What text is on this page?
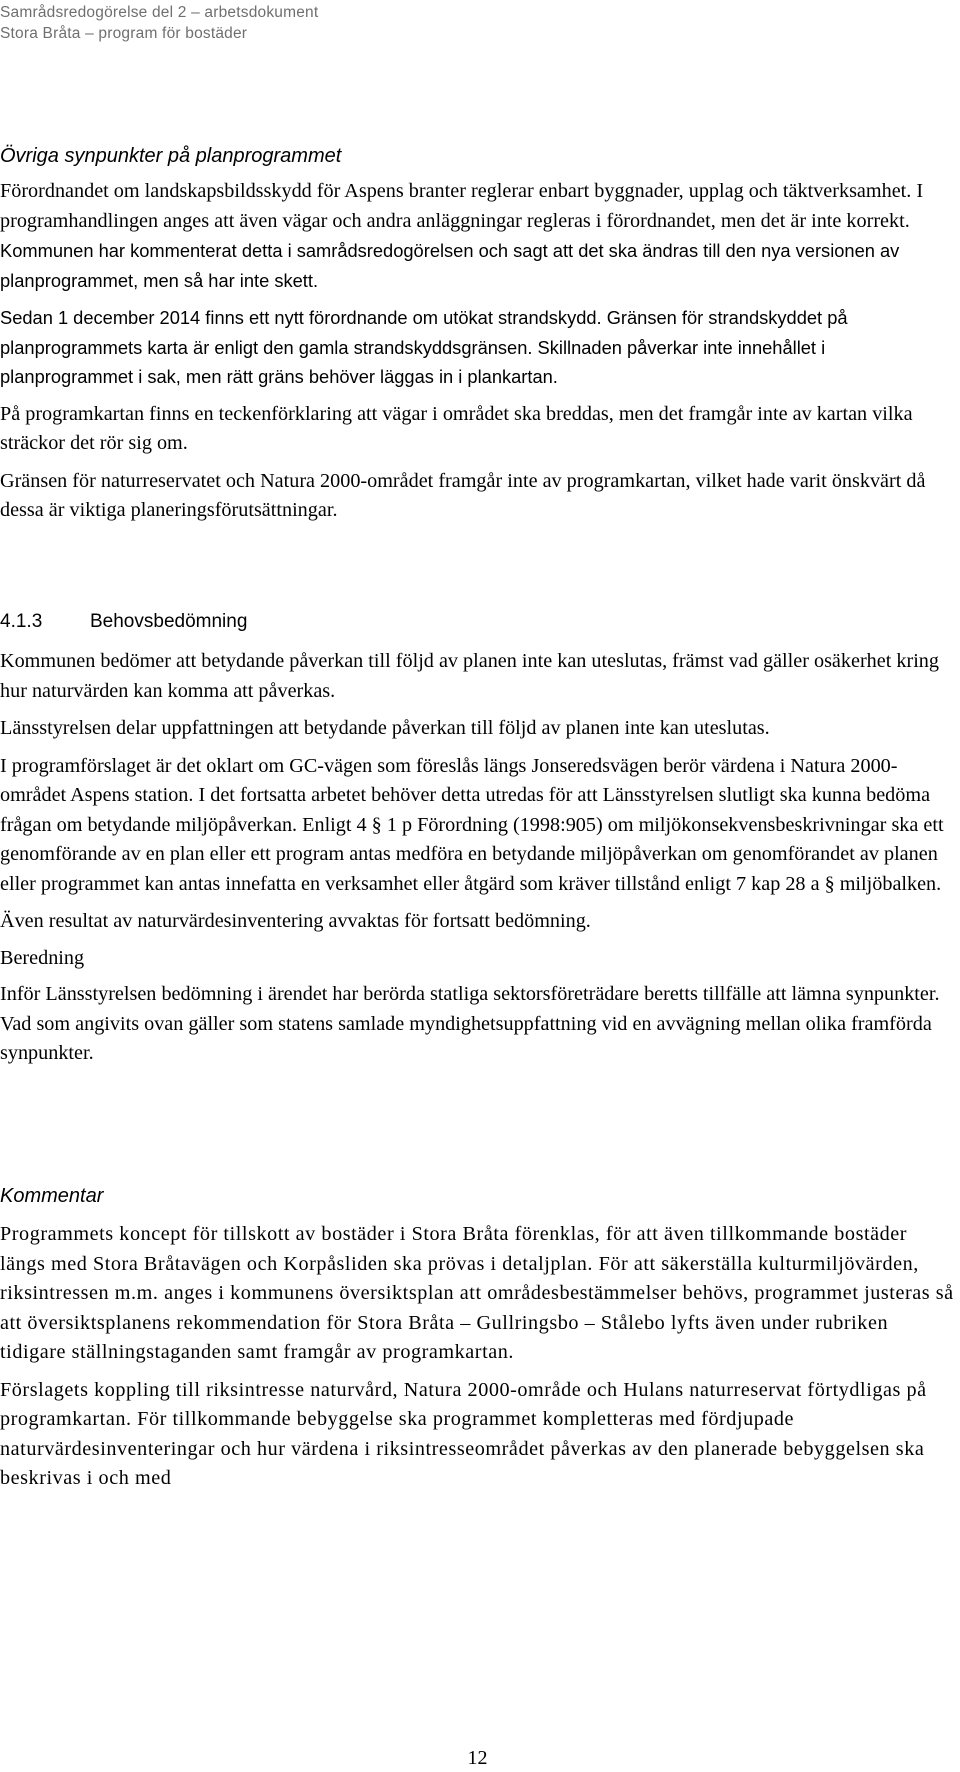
Samrådsredogörelse del 2 – arbetsdokument
Stora Bråta – program för bostäder
Övriga synpunkter på planprogrammet

Förordnandet om landskapsbildsskydd för Aspens branter reglerar enbart byggnader, upplag och täktverksamhet. I programhandlingen anges att även vägar och andra anläggningar regleras i förordnandet, men det är inte korrekt. Kommunen har kommenterat detta i samrådsredogörelsen och sagt att det ska ändras till den nya versionen av planprogrammet, men så har inte skett.

Sedan 1 december 2014 finns ett nytt förordnande om utökat strandskydd. Gränsen för strandskyddet på planprogrammets karta är enligt den gamla strandskyddsgränsen. Skillnaden påverkar inte innehållet i planprogrammet i sak, men rätt gräns behöver läggas in i plankartan.

På programkartan finns en teckenförklaring att vägar i området ska breddas, men det framgår inte av kartan vilka sträckor det rör sig om.

Gränsen för naturreservatet och Natura 2000-området framgår inte av programkartan, vilket hade varit önskvärt då dessa är viktiga planeringsförutsättningar.

4.1.3	Behovsbedömning

Kommunen bedömer att betydande påverkan till följd av planen inte kan uteslutas, främst vad gäller osäkerhet kring hur naturvärden kan komma att påverkas.

Länsstyrelsen delar uppfattningen att betydande påverkan till följd av planen inte kan uteslutas.

I programförslaget är det oklart om GC-vägen som föreslås längs Jonseredsvägen berör värdena i Natura 2000-området Aspens station. I det fortsatta arbetet behöver detta utredas för att Länsstyrelsen slutligt ska kunna bedöma frågan om betydande miljöpåverkan. Enligt 4 § 1 p Förordning (1998:905) om miljökonsekvensbeskrivningar ska ett genomförande av en plan eller ett program antas medföra en betydande miljöpåverkan om genomförandet av planen eller programmet kan antas innefatta en verksamhet eller åtgärd som kräver tillstånd enligt 7 kap 28 a § miljöbalken.

Även resultat av naturvärdesinventering avvaktas för fortsatt bedömning.

Beredning

Inför Länsstyrelsen bedömning i ärendet har berörda statliga sektorsföreträdare beretts tillfälle att lämna synpunkter. Vad som angivits ovan gäller som statens samlade myndighetsuppfattning vid en avvägning mellan olika framförda synpunkter.

Kommentar

Programmets koncept för tillskott av bostäder i Stora Bråta förenklas, för att även tillkommande bostäder längs med Stora Bråtavägen och Korpåsliden ska prövas i detaljplan. För att säkerställa kulturmiljövärden, riksintressen m.m. anges i kommunens översiktsplan att områdesbestämmelser behövs, programmet justeras så att översiktsplanens rekommendation för Stora Bråta – Gullringsbo – Stålebo lyfts även under rubriken tidigare ställningstaganden samt framgår av programkartan.

Förslagets koppling till riksintresse naturvård, Natura 2000-område och Hulans naturreservat förtydligas på programkartan. För tillkommande bebyggelse ska programmet kompletteras med fördjupade naturvärdesinventeringar och hur värdena i riksintresseområdet påverkas av den planerade bebyggelsen ska beskrivas i och med

12
